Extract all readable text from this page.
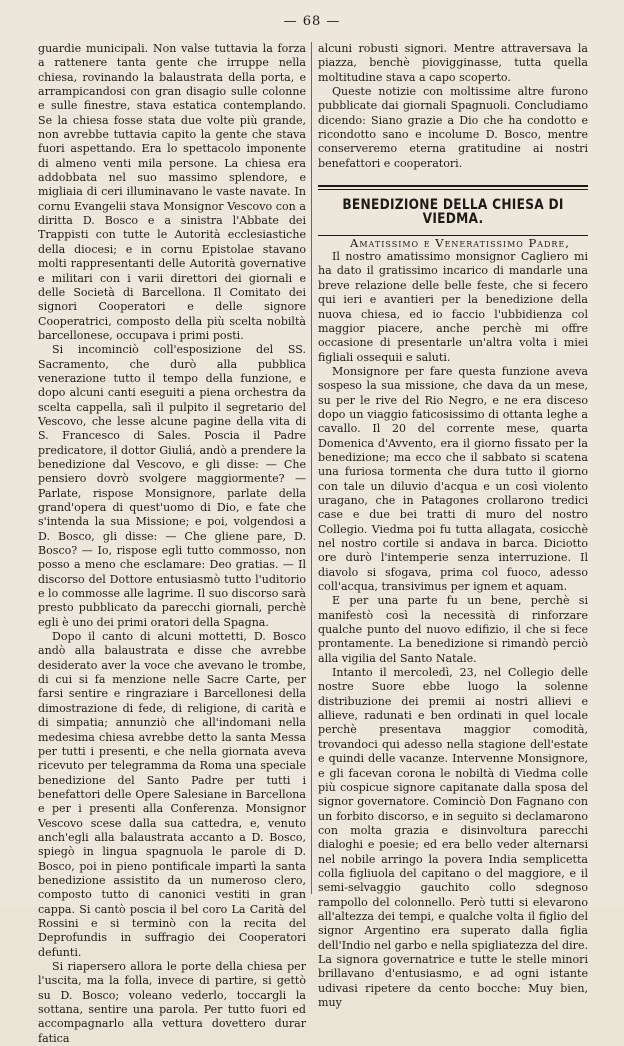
— 68 —

guardie municipali. Non valse tuttavia la forza a rattenere tanta gente che irruppe nella chiesa, rovinando la balaustrata della porta, e arrampicandosi con gran disagio sulle colonne e sulle finestre, stava estatica contemplando. Se la chiesa fosse stata due volte più grande, non avrebbe tuttavia capito la gente che stava fuori aspettando. Era lo spettacolo imponente di almeno venti mila persone. La chiesa era addobbata nel suo massimo splendore, e migliaia di ceri illuminavano le vaste navate. In cornu Evangelii stava Monsignor Vescovo con a diritta D. Bosco e a sinistra l'Abbate dei Trappisti con tutte le Autorità ecclesiastiche della diocesi; e in cornu Epistolae stavano molti rappresentanti delle Autorità governative e militari con i varii direttori dei giornali e delle Società di Barcellona. Il Comitato dei signori Cooperatori e delle signore Cooperatrici, composto della più scelta nobiltà barcellonese, occupava i primi posti.

Si incominciò coll'esposizione del SS. Sacramento, che durò alla pubblica venerazione tutto il tempo della funzione, e dopo alcuni canti eseguiti a piena orchestra da scelta cappella, salì il pulpito il segretario del Vescovo, che lesse alcune pagine della vita di S. Francesco di Sales. Poscia il Padre predicatore, il dottor Giuliá, andò a prendere la benedizione dal Vescovo, e gli disse: — Che pensiero dovrò svolgere maggiormente? — Parlate, rispose Monsignore, parlate della grand'opera di quest'uomo di Dio, e fate che s'intenda la sua Missione; e poi, volgendosi a D. Bosco, gli disse: — Che gliene pare, D. Bosco? — Io, rispose egli tutto commosso, non posso a meno che esclamare: Deo gratias. — Il discorso del Dottore entusiasmò tutto l'uditorio e lo commosse alle lagrime. Il suo discorso sarà presto pubblicato da parecchi giornali, perchè egli è uno dei primi oratori della Spagna.

Dopo il canto di alcuni mottetti, D. Bosco andò alla balaustrata e disse che avrebbe desiderato aver la voce che avevano le trombe, di cui si fa menzione nelle Sacre Carte, per farsi sentire e ringraziare i Barcellonesi della dimostrazione di fede, di religione, di carità e di simpatia; annunziò che all'indomani nella medesima chiesa avrebbe detto la santa Messa per tutti i presenti, e che nella giornata aveva ricevuto per telegramma da Roma una speciale benedizione del Santo Padre per tutti i benefattori delle Opere Salesiane in Barcellona e per i presenti alla Conferenza. Monsignor Vescovo scese dalla sua cattedra, e, venuto anch'egli alla balaustrata accanto a D. Bosco, spiegò in lingua spagnuola le parole di D. Bosco, poi in pieno pontificale impartì la santa benedizione assistito da un numeroso clero, composto tutto di canonici vestiti in gran cappa. Si cantò poscia il bel coro La Carità del Rossini e si terminò con la recita del Deprofundis in suffragio dei Cooperatori defunti.

Si riapersero allora le porte della chiesa per l'uscita, ma la folla, invece di partire, si gettò su D. Bosco; voleano vederlo, toccargli la sottana, sentire una parola. Per tutto fuori ed accompagnarlo alla vettura dovettero durar fatica

alcuni robusti signori. Mentre attraversava la piazza, benchè piovigginasse, tutta quella moltitudine stava a capo scoperto.

Queste notizie con moltissime altre furono pubblicate dai giornali Spagnuoli. Concludiamo dicendo: Siano grazie a Dio che ha condotto e ricondotto sano e incolume D. Bosco, mentre conserveremo eterna gratitudine ai nostri benefattori e cooperatori.

BENEDIZIONE DELLA CHIESA DI VIEDMA.

Amatissimo e Veneratissimo Padre,

Il nostro amatissimo monsignor Cagliero mi ha dato il gratissimo incarico di mandarle una breve relazione delle belle feste, che si fecero qui ieri e avantieri per la benedizione della nuova chiesa, ed io faccio l'ubbidienza col maggior piacere, anche perchè mi offre occasione di presentarle un'altra volta i miei figliali ossequii e saluti.

Monsignore per fare questa funzione aveva sospeso la sua missione, che dava da un mese, su per le rive del Rio Negro, e ne era disceso dopo un viaggio faticosissimo di ottanta leghe a cavallo. Il 20 del corrente mese, quarta Domenica d'Avvento, era il giorno fissato per la benedizione; ma ecco che il sabbato si scatena una furiosa tormenta che dura tutto il giorno con tale un diluvio d'acqua e un così violento uragano, che in Patagones crollarono tredici case e due bei tratti di muro del nostro Collegio. Viedma poi fu tutta allagata, cosicchè nel nostro cortile si andava in barca. Diciotto ore durò l'intemperie senza interruzione. Il diavolo si sfogava, prima col fuoco, adesso coll'acqua, transivimus per ignem et aquam.

E per una parte fu un bene, perchè si manifestò così la necessità di rinforzare qualche punto del nuovo edifizio, il che si fece prontamente. La benedizione si rimandò perciò alla vigilia del Santo Natale.

Intanto il mercoledì, 23, nel Collegio delle nostre Suore ebbe luogo la solenne distribuzione dei premii ai nostri allievi e allieve, radunati e ben ordinati in quel locale perchè presentava maggior comodità, trovandoci qui adesso nella stagione dell'estate e quindi delle vacanze. Intervenne Monsignore, e gli facevan corona le nobiltà di Viedma colle più cospicue signore capitanate dalla sposa del signor governatore. Cominciò Don Fagnano con un forbito discorso, e in seguito si declamarono con molta grazia e disinvoltura parecchi dialoghi e poesie; ed era bello veder alternarsi nel nobile arringo la povera India semplicetta colla figliuola del capitano o del maggiore, e il semi-selvaggio gauchito collo sdegnoso rampollo del colonnello. Però tutti si elevarono all'altezza dei tempi, e qualche volta il figlio del signor Argentino era superato dalla figlia dell'Indio nel garbo e nella spigliatezza del dire. La signora governatrice e tutte le stelle minori brillavano d'entusiasmo, e ad ogni istante udivasi ripetere da cento bocche: Muy bien, muy
